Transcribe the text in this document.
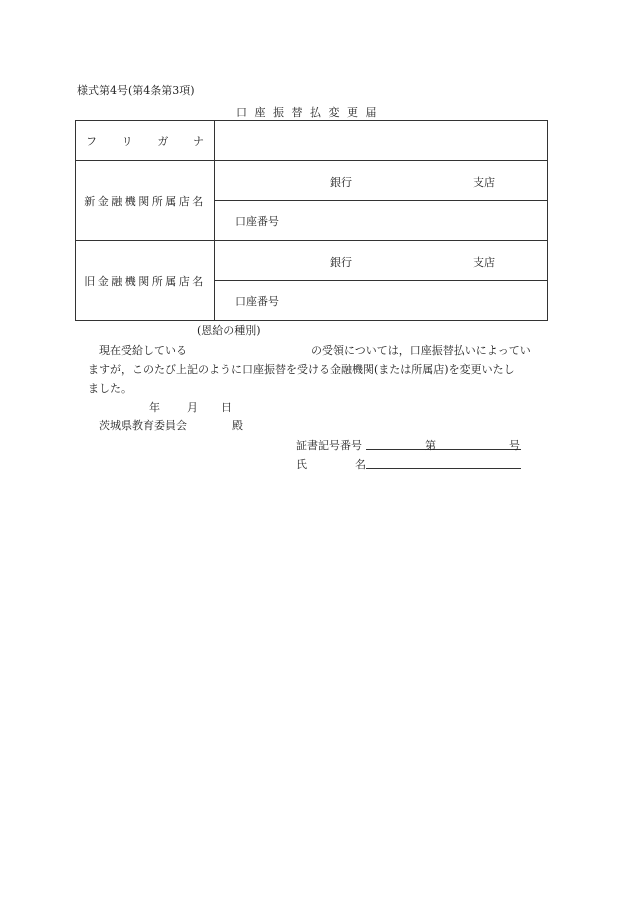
様式第4号(第4条第3項)
口座振替払変更届
フ リ ガ ナ	

新金融機関所属店名	銀行 支店

	口座番号
旧金融機関所属店名	銀行 支店

	口座番号
(恩給の種別)
現在受給している	の受領については，口座振替払いによってい
ますが，このたび上記のように口座振替を受ける金融機関(または所属店)を変更いたし
ました。
年 月 日
茨城県教育委員会	殿
証書記号番号	第	号
氏	名
